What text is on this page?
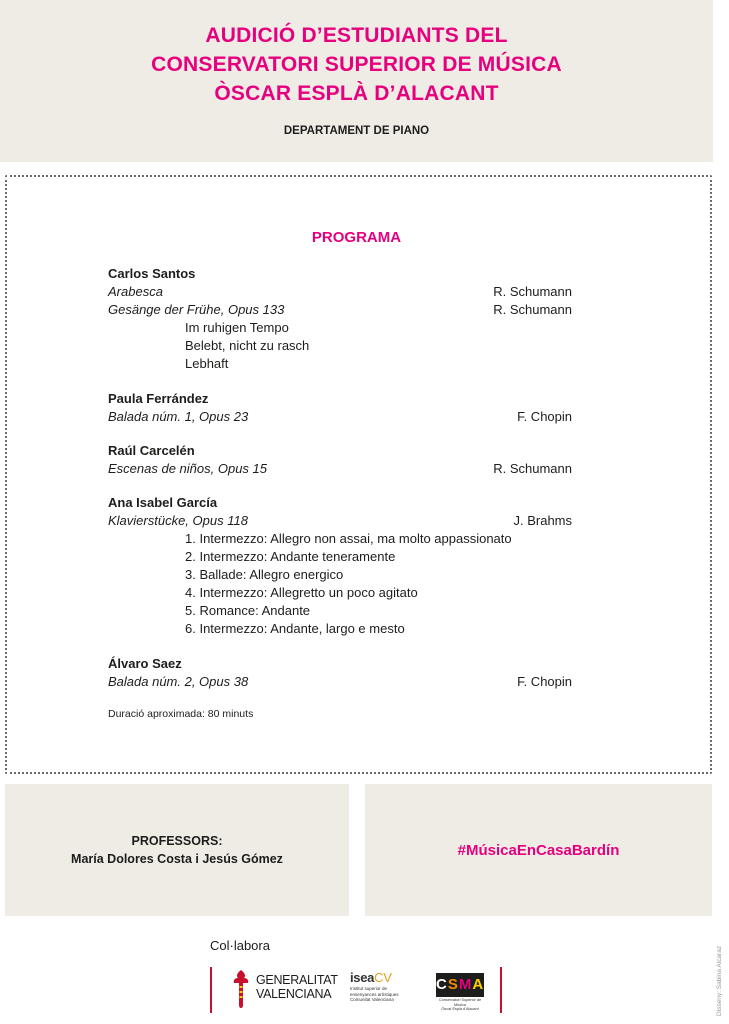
AUDICIÓ D’ESTUDIANTS DEL
CONSERVATORI SUPERIOR DE MÚSICA
ÒSCAR ESPLÀ D’ALACANT
DEPARTAMENT DE PIANO
PROGRAMA
Carlos Santos
Arabesca	R. Schumann
Gesänge der Frühe, Opus 133	R. Schumann
Im ruhigen Tempo
Belebt, nicht zu rasch
Lebhaft
Paula Ferrández
Balada núm. 1, Opus 23	F. Chopin
Raúl Carcelén
Escenas de niños, Opus 15	R. Schumann
Ana Isabel García
Klavierstücke, Opus 118	J. Brahms
1. Intermezzo: Allegro non assai, ma molto appassionato
2. Intermezzo: Andante teneramente
3. Ballade: Allegro energico
4. Intermezzo: Allegretto un poco agitato
5. Romance: Andante
6. Intermezzo: Andante, largo e mesto
Álvaro Saez
Balada núm. 2, Opus 38	F. Chopin
Duració aproximada: 80 minuts
PROFESSORS:
María Dolores Costa i Jesús Gómez	#MúsicaEnCasaBardín
Col·labora
GENERALITAT
VALENCIANA
iseaCV
Institut superior de
ensenyances artístiques
Comunitat Valenciana
CSMA
Conservatori Superior de Música
Òscar Esplà d’Alacant	Disseny: Sabina Alcaraz
